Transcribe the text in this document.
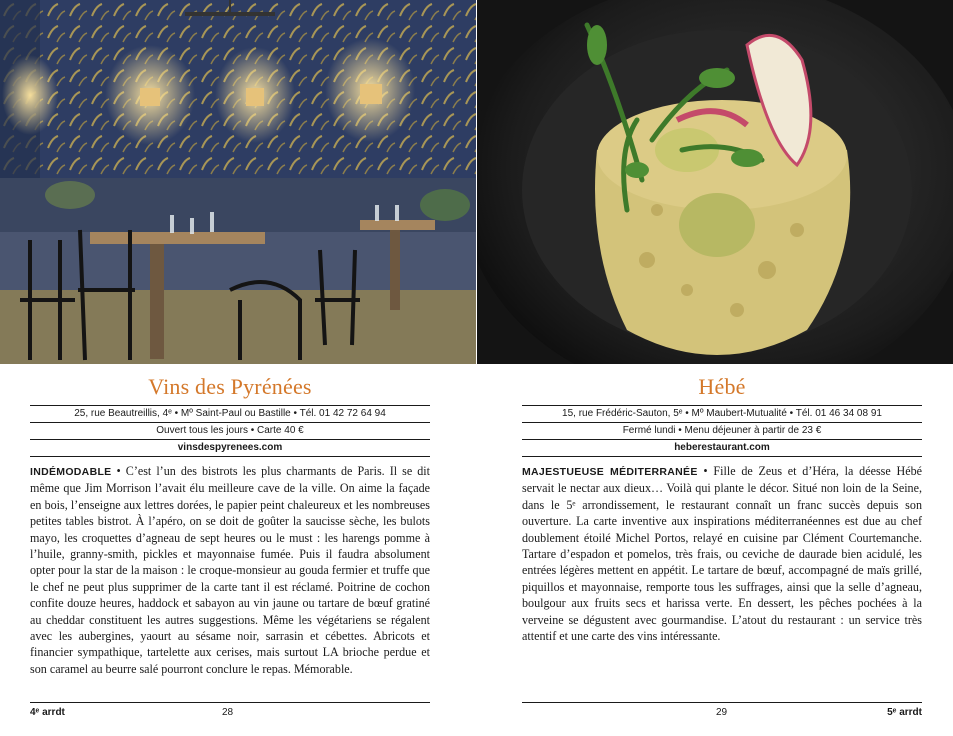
Vins des Pyrénées
25, rue Beautreillis, 4ᵉ • Mº Saint-Paul ou Bastille • Tél. 01 42 72 64 94
Ouvert tous les jours • Carte 40 €
vinsdespyrenees.com

INDÉMODABLE • C’est l’un des bistrots les plus charmants de Paris. Il se dit même que Jim Morrison l’avait élu meilleure cave de la ville. On aime la façade en bois, l’enseigne aux lettres dorées, le papier peint chaleureux et les nombreuses petites tables bistrot. À l’apéro, on se doit de goûter la saucisse sèche, les bulots mayo, les croquettes d’agneau de sept heures ou le must : les harengs pomme à l’huile, granny-smith, pickles et mayonnaise fumée. Puis il faudra absolument opter pour la star de la maison : le croque-monsieur au gouda fermier et truffe que le chef ne peut plus supprimer de la carte tant il est réclamé. Poitrine de cochon confite douze heures, haddock et sabayon au vin jaune ou tartare de bœuf gratiné au cheddar constituent les autres suggestions. Même les végétariens se régalent avec les aubergines, yaourt au sésame noir, sarrasin et cébettes. Abricots et financier sympathique, tartelette aux cerises, mais surtout LA brioche perdue et son caramel au beurre salé pourront conclure le repas. Mémorable.

4ᵉ arrdt	28
Hébé
15, rue Frédéric-Sauton, 5ᵉ • Mº Maubert-Mutualité • Tél. 01 46 34 08 91
Fermé lundi • Menu déjeuner à partir de 23 €
heberestaurant.com

MAJESTUEUSE MÉDITERRANÉE • Fille de Zeus et d’Héra, la déesse Hébé servait le nectar aux dieux… Voilà qui plante le décor. Situé non loin de la Seine, dans le 5ᵉ arrondissement, le restaurant connaît un franc succès depuis son ouverture. La carte inventive aux inspirations méditerranéennes est due au chef doublement étoilé Michel Portos, relayé en cuisine par Clément Courtemanche. Tartare d’espadon et pomelos, très frais, ou ceviche de daurade bien acidulé, les entrées légères mettent en appétit. Le tartare de bœuf, accompagné de maïs grillé, piquillos et mayonnaise, remporte tous les suffrages, ainsi que la selle d’agneau, boulgour aux fruits secs et harissa verte. En dessert, les pêches pochées à la verveine se dégustent avec gourmandise. L’atout du restaurant : un service très attentif et une carte des vins intéressante.

29	5ᵉ arrdt
